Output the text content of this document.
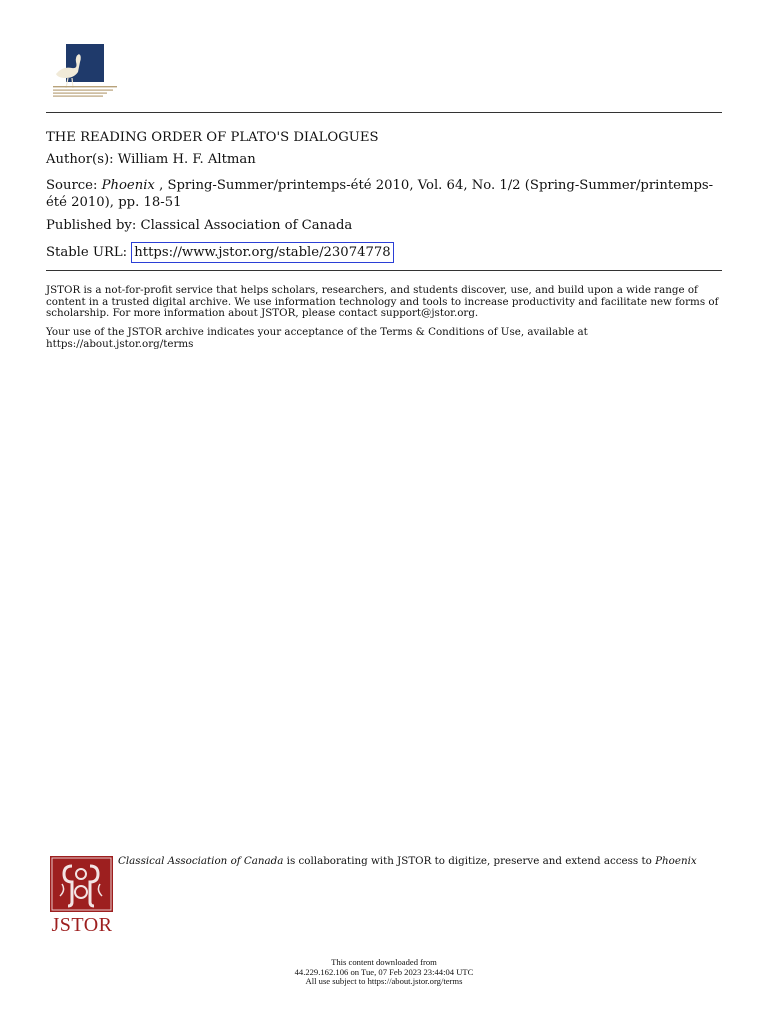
THE READING ORDER OF PLATO'S DIALOGUES

Author(s): William H. F. Altman

Source: Phoenix , Spring-Summer/printemps-été 2010, Vol. 64, No. 1/2 (Spring-Summer/printemps-été 2010), pp. 18-51

Published by: Classical Association of Canada

Stable URL: https://www.jstor.org/stable/23074778

JSTOR is a not-for-profit service that helps scholars, researchers, and students discover, use, and build upon a wide range of content in a trusted digital archive. We use information technology and tools to increase productivity and facilitate new forms of scholarship. For more information about JSTOR, please contact support@jstor.org.

Your use of the JSTOR archive indicates your acceptance of the Terms & Conditions of Use, available at https://about.jstor.org/terms

JSTOR
Classical Association of Canada is collaborating with JSTOR to digitize, preserve and extend access to Phoenix
This content downloaded from
44.229.162.106 on Tue, 07 Feb 2023 23:44:04 UTC
All use subject to https://about.jstor.org/terms
